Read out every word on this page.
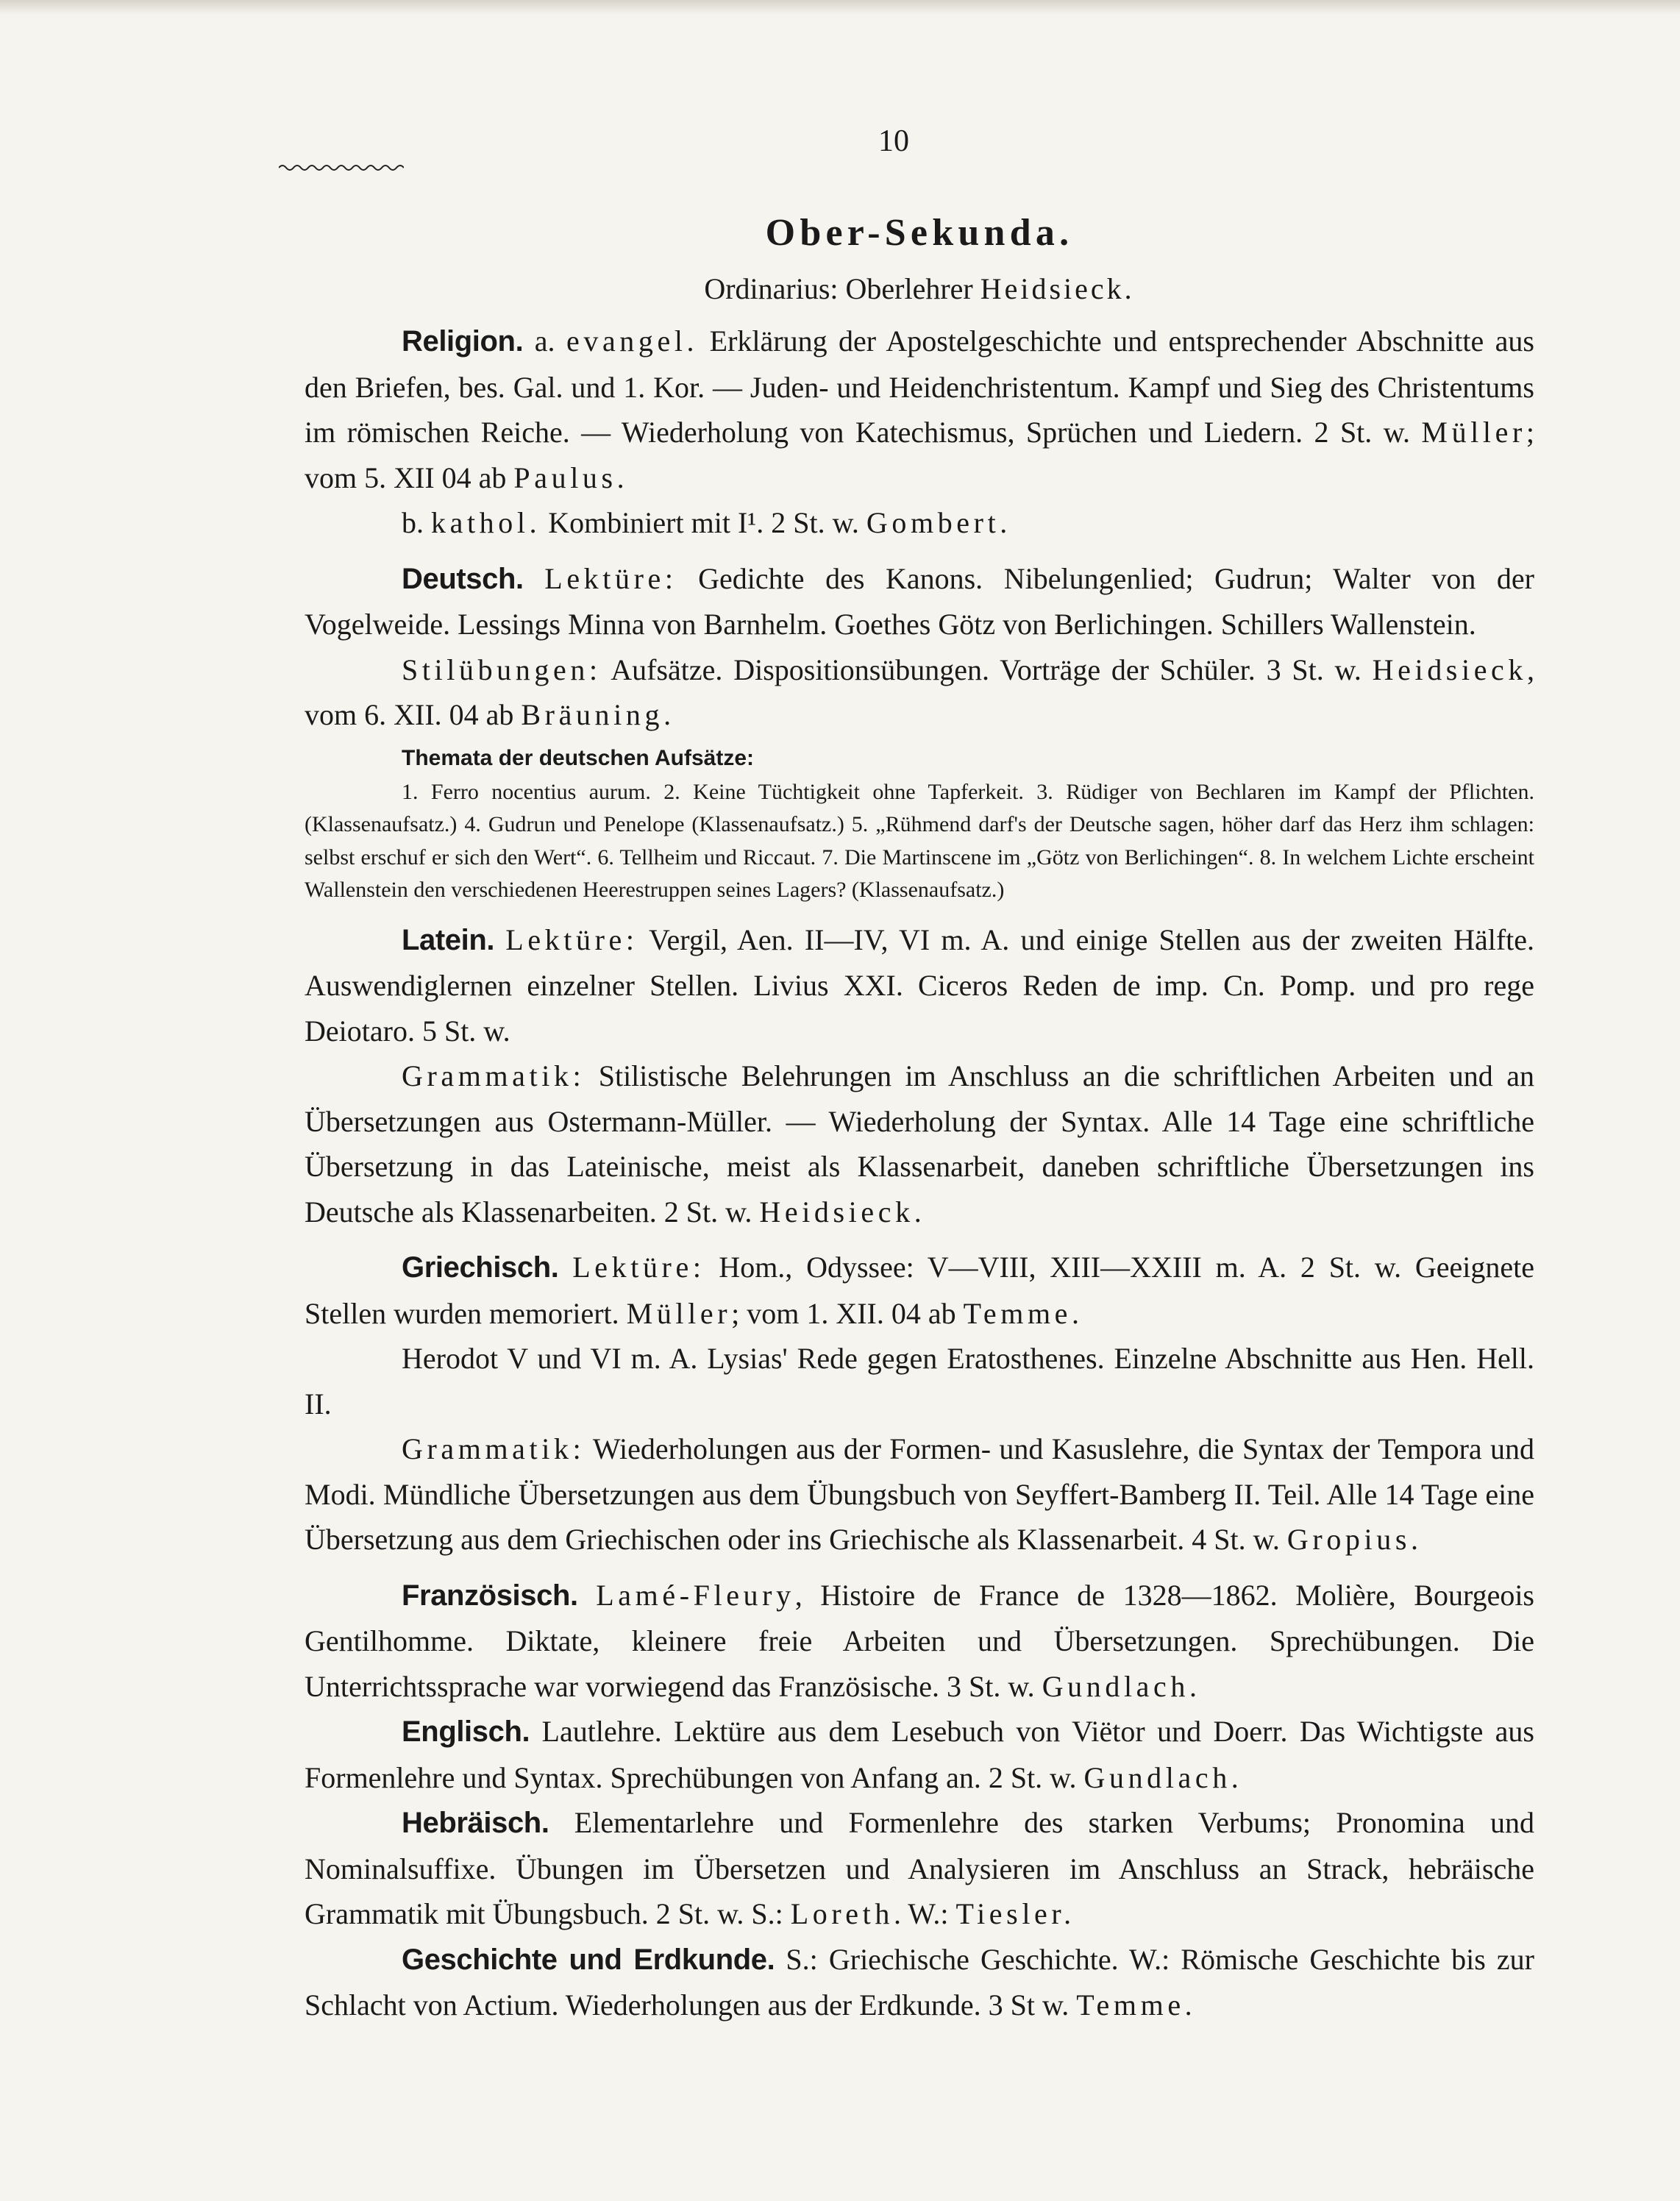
10
Ober-Sekunda.
Ordinarius: Oberlehrer Heidsieck.

Religion. a. evangel. Erklärung der Apostelgeschichte und entsprechender Abschnitte aus den Briefen, bes. Gal. und 1. Kor. — Juden- und Heidenchristentum. Kampf und Sieg des Christentums im römischen Reiche. — Wiederholung von Katechismus, Sprüchen und Liedern. 2 St. w. Müller; vom 5. XII 04 ab Paulus.

b. kathol. Kombiniert mit I¹. 2 St. w. Gombert.

Deutsch. Lektüre: Gedichte des Kanons. Nibelungenlied; Gudrun; Walter von der Vogelweide. Lessings Minna von Barnhelm. Goethes Götz von Berlichingen. Schillers Wallenstein.

Stilübungen: Aufsätze. Dispositionsübungen. Vorträge der Schüler. 3 St. w. Heidsieck, vom 6. XII. 04 ab Bräuning.

Themata der deutschen Aufsätze:

1. Ferro nocentius aurum. 2. Keine Tüchtigkeit ohne Tapferkeit. 3. Rüdiger von Bechlaren im Kampf der Pflichten. (Klassenaufsatz.) 4. Gudrun und Penelope (Klassenaufsatz.) 5. „Rühmend darf's der Deutsche sagen, höher darf das Herz ihm schlagen: selbst erschuf er sich den Wert“. 6. Tellheim und Riccaut. 7. Die Martinscene im „Götz von Berlichingen“. 8. In welchem Lichte erscheint Wallenstein den verschiedenen Heerestruppen seines Lagers? (Klassenaufsatz.)

Latein. Lektüre: Vergil, Aen. II—IV, VI m. A. und einige Stellen aus der zweiten Hälfte. Auswendiglernen einzelner Stellen. Livius XXI. Ciceros Reden de imp. Cn. Pomp. und pro rege Deiotaro. 5 St. w.

Grammatik: Stilistische Belehrungen im Anschluss an die schriftlichen Arbeiten und an Übersetzungen aus Ostermann-Müller. — Wiederholung der Syntax. Alle 14 Tage eine schriftliche Übersetzung in das Lateinische, meist als Klassenarbeit, daneben schriftliche Übersetzungen ins Deutsche als Klassenarbeiten. 2 St. w. Heidsieck.

Griechisch. Lektüre: Hom., Odyssee: V—VIII, XIII—XXIII m. A. 2 St. w. Geeignete Stellen wurden memoriert. Müller; vom 1. XII. 04 ab Temme.

Herodot V und VI m. A. Lysias' Rede gegen Eratosthenes. Einzelne Abschnitte aus Hen. Hell. II.

Grammatik: Wiederholungen aus der Formen- und Kasuslehre, die Syntax der Tempora und Modi. Mündliche Übersetzungen aus dem Übungsbuch von Seyffert-Bamberg II. Teil. Alle 14 Tage eine Übersetzung aus dem Griechischen oder ins Griechische als Klassenarbeit. 4 St. w. Gropius.

Französisch. Lamé-Fleury, Histoire de France de 1328—1862. Molière, Bourgeois Gentilhomme. Diktate, kleinere freie Arbeiten und Übersetzungen. Sprechübungen. Die Unterrichtssprache war vorwiegend das Französische. 3 St. w. Gundlach.

Englisch. Lautlehre. Lektüre aus dem Lesebuch von Viëtor und Doerr. Das Wichtigste aus Formenlehre und Syntax. Sprechübungen von Anfang an. 2 St. w. Gundlach.

Hebräisch. Elementarlehre und Formenlehre des starken Verbums; Pronomina und Nominalsuffixe. Übungen im Übersetzen und Analysieren im Anschluss an Strack, hebräische Grammatik mit Übungsbuch. 2 St. w. S.: Loreth. W.: Tiesler.

Geschichte und Erdkunde. S.: Griechische Geschichte. W.: Römische Geschichte bis zur Schlacht von Actium. Wiederholungen aus der Erdkunde. 3 St w. Temme.
